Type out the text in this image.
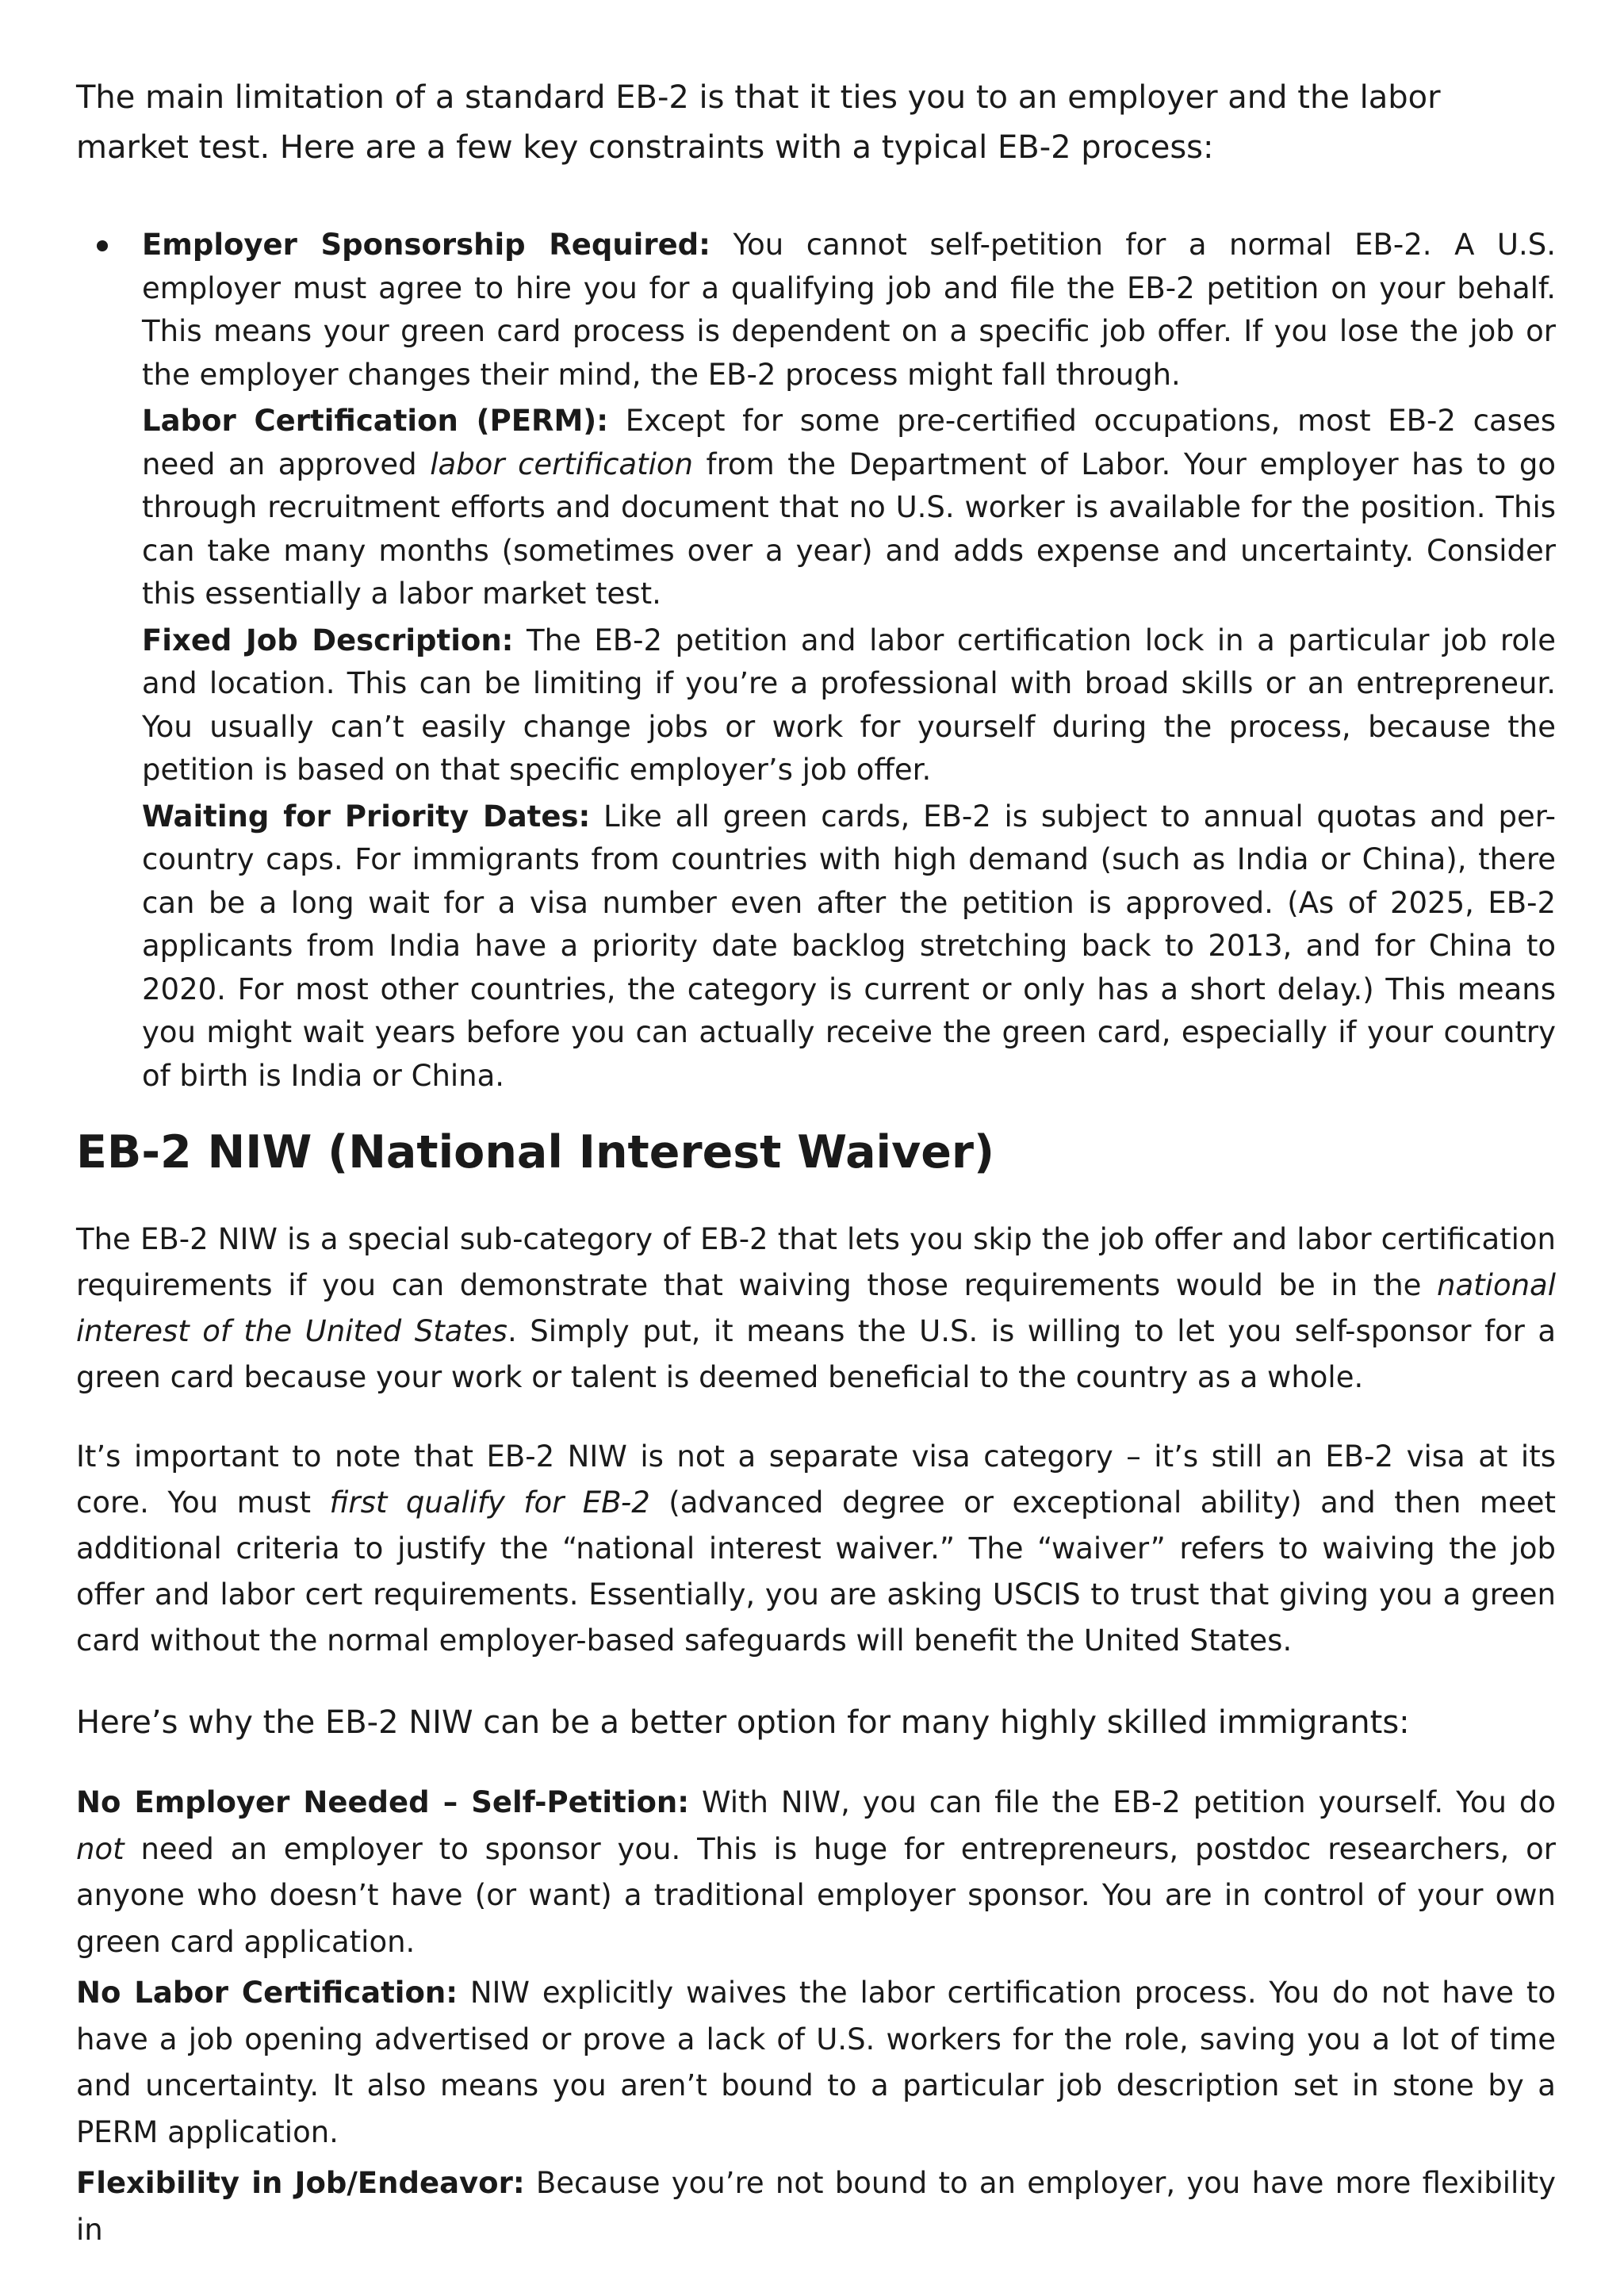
The main limitation of a standard EB-2 is that it ties you to an employer and the labor market test. Here are a few key constraints with a typical EB-2 process:

Employer Sponsorship Required: You cannot self-petition for a normal EB-2. A U.S. employer must agree to hire you for a qualifying job and file the EB-2 petition on your behalf. This means your green card process is dependent on a specific job offer. If you lose the job or the employer changes their mind, the EB-2 process might fall through.
Labor Certification (PERM): Except for some pre-certified occupations, most EB-2 cases need an approved labor certification from the Department of Labor. Your employer has to go through recruitment efforts and document that no U.S. worker is available for the position. This can take many months (sometimes over a year) and adds expense and uncertainty. Consider this essentially a labor market test.
Fixed Job Description: The EB-2 petition and labor certification lock in a particular job role and location. This can be limiting if you’re a professional with broad skills or an entrepreneur. You usually can’t easily change jobs or work for yourself during the process, because the petition is based on that specific employer’s job offer.
Waiting for Priority Dates: Like all green cards, EB-2 is subject to annual quotas and per-country caps. For immigrants from countries with high demand (such as India or China), there can be a long wait for a visa number even after the petition is approved. (As of 2025, EB-2 applicants from India have a priority date backlog stretching back to 2013, and for China to 2020. For most other countries, the category is current or only has a short delay.) This means you might wait years before you can actually receive the green card, especially if your country of birth is India or China.
EB-2 NIW (National Interest Waiver)

The EB-2 NIW is a special sub-category of EB-2 that lets you skip the job offer and labor certification requirements if you can demonstrate that waiving those requirements would be in the national interest of the United States. Simply put, it means the U.S. is willing to let you self-sponsor for a green card because your work or talent is deemed beneficial to the country as a whole.

It’s important to note that EB-2 NIW is not a separate visa category – it’s still an EB-2 visa at its core. You must first qualify for EB-2 (advanced degree or exceptional ability) and then meet additional criteria to justify the “national interest waiver.” The “waiver” refers to waiving the job offer and labor cert requirements. Essentially, you are asking USCIS to trust that giving you a green card without the normal employer-based safeguards will benefit the United States.

Here’s why the EB-2 NIW can be a better option for many highly skilled immigrants:

No Employer Needed – Self-Petition: With NIW, you can file the EB-2 petition yourself. You do not need an employer to sponsor you. This is huge for entrepreneurs, postdoc researchers, or anyone who doesn’t have (or want) a traditional employer sponsor. You are in control of your own green card application.

No Labor Certification: NIW explicitly waives the labor certification process. You do not have to have a job opening advertised or prove a lack of U.S. workers for the role, saving you a lot of time and uncertainty. It also means you aren’t bound to a particular job description set in stone by a PERM application.

Flexibility in Job/Endeavor: Because you’re not bound to an employer, you have more flexibility in
